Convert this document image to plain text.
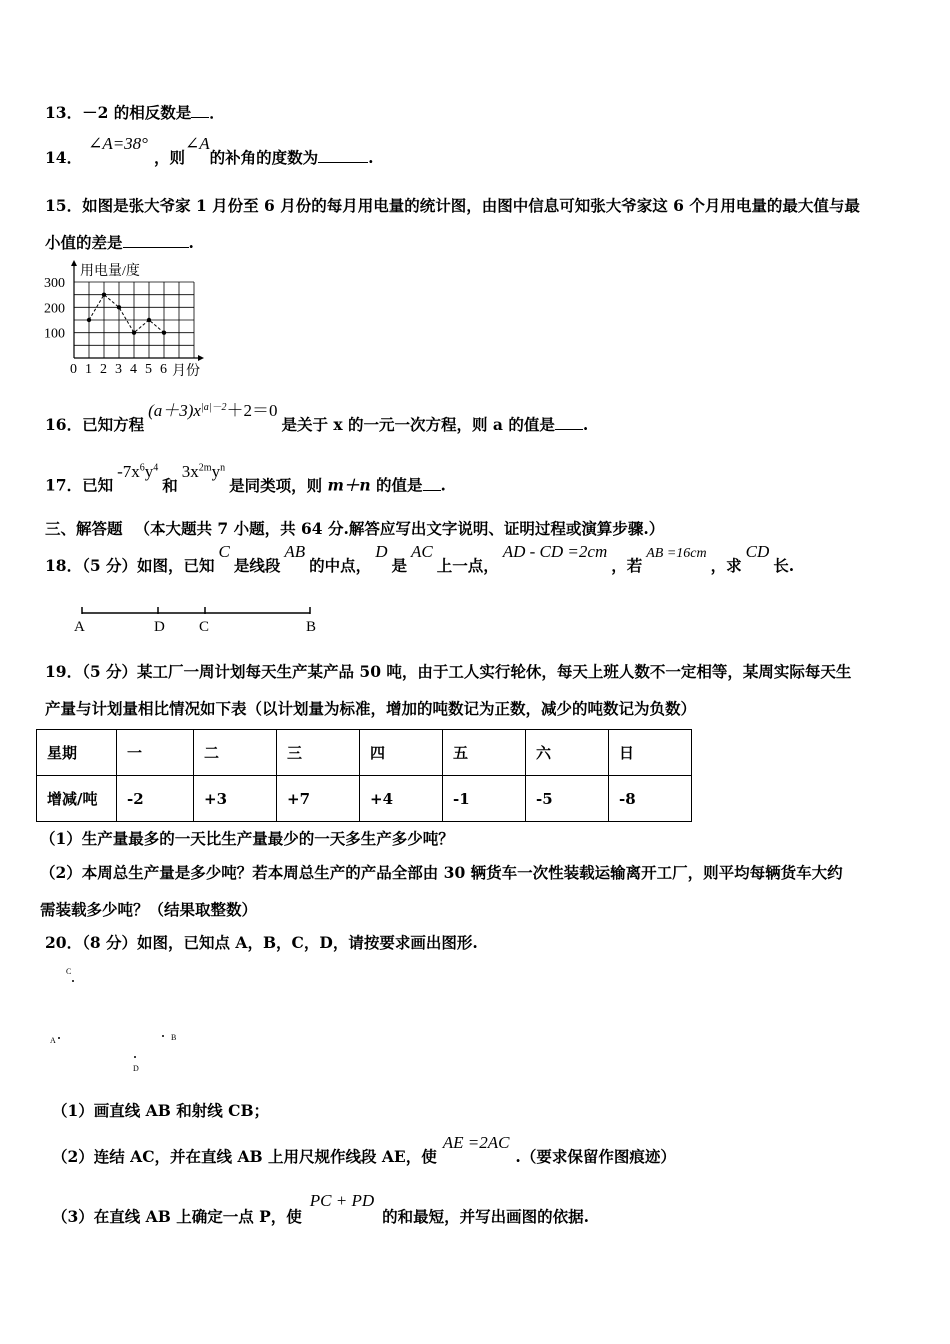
13．－2 的相反数是 ．
14．∠A=38°，则∠A的补角的度数为	.
15．如图是张大爷家 1 月份至 6 月份的每月用电量的统计图，由图中信息可知张大爷家这 6 个月用电量的最大值与最
小值的差是	.
0 1 2 3 4 5 6
100
200
300
用电量/度
月份
16．已知方程$(a+3)x^{|a|-2}+2=0$是关于 x 的一元一次方程，则 a 的值是 .
17．已知$-7x^6y^4$和$3x^{2m}y^n$是同类项，则 m＋n 的值是 .
三、解答题 （本大题共 7 小题，共 64 分.解答应写出文字说明、证明过程或演算步骤.）
18．（5 分）如图，已知C是线段AB的中点，D是AC上一点，AD - CD =2cm，若AB =16cm，求CD长.
A	D C	B
19．（5 分）某工厂一周计划每天生产某产品 50 吨，由于工人实行轮休，每天上班人数不一定相等，某周实际每天生
产量与计划量相比情况如下表（以计划量为标准，增加的吨数记为正数，减少的吨数记为负数）
星期	一	二	三	四	五	六	日
增减/吨	-2	+3	+7	+4	-1	-5	-8
（1）生产量最多的一天比生产量最少的一天多生产多少吨？
（2）本周总生产量是多少吨？若本周总生产的产品全部由 30 辆货车一次性装载运输离开工厂，则平均每辆货车大约
需装载多少吨？（结果取整数）
20．（8 分）如图，已知点 A，B，C，D，请按要求画出图形.
C
A	B
D
（1）画直线 AB 和射线 CB；
（2）连结 AC，并在直线 AB 上用尺规作线段 AE，使AE =2AC.（要求保留作图痕迹）
（3）在直线 AB 上确定一点 P，使PC + PD的和最短，并写出画图的依据.
